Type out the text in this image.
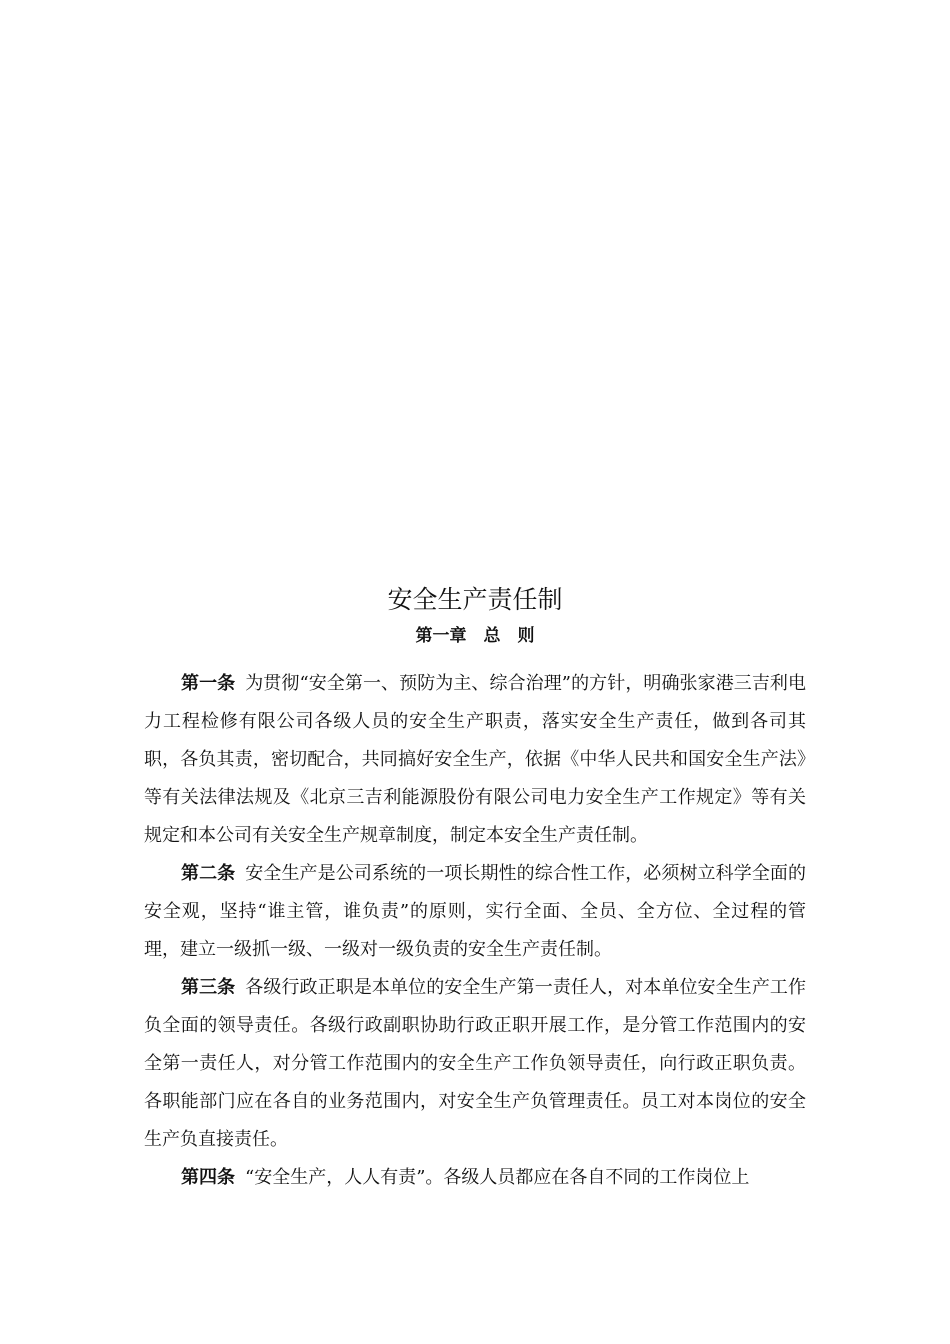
安全生产责任制
第一章　总　则

第一条 为贯彻“安全第一、预防为主、综合治理”的方针，明确张家港三吉利电力工程检修有限公司各级人员的安全生产职责，落实安全生产责任，做到各司其职，各负其责，密切配合，共同搞好安全生产，依据《中华人民共和国安全生产法》等有关法律法规及《北京三吉利能源股份有限公司电力安全生产工作规定》等有关规定和本公司有关安全生产规章制度，制定本安全生产责任制。

第二条 安全生产是公司系统的一项长期性的综合性工作，必须树立科学全面的安全观，坚持“谁主管，谁负责”的原则，实行全面、全员、全方位、全过程的管理，建立一级抓一级、一级对一级负责的安全生产责任制。

第三条 各级行政正职是本单位的安全生产第一责任人，对本单位安全生产工作负全面的领导责任。各级行政副职协助行政正职开展工作，是分管工作范围内的安全第一责任人，对分管工作范围内的安全生产工作负领导责任，向行政正职负责。各职能部门应在各自的业务范围内，对安全生产负管理责任。员工对本岗位的安全生产负直接责任。

第四条 “安全生产，人人有责”。各级人员都应在各自不同的工作岗位上
